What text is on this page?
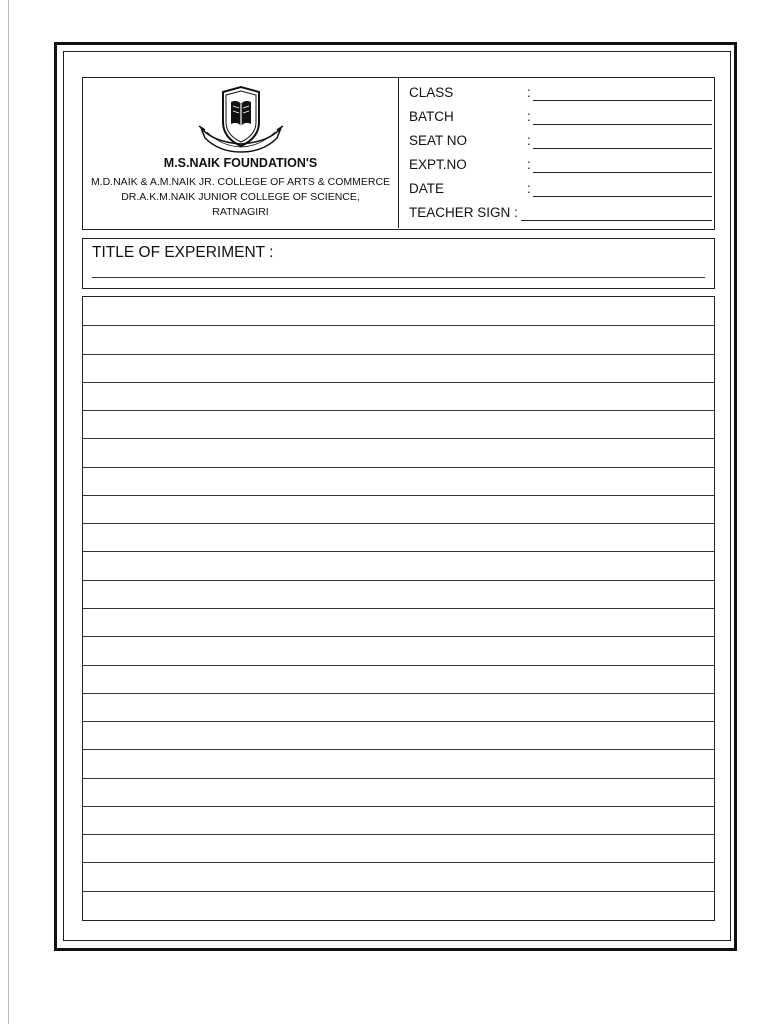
M.S.NAIK FOUNDATION'S
M.D.NAIK & A.M.NAIK JR. COLLEGE OF ARTS & COMMERCE
DR.A.K.M.NAIK JUNIOR COLLEGE OF SCIENCE,
RATNAGIRI
CLASS	:
BATCH	:
SEAT NO	:
EXPT.NO	:
DATE	:
TEACHER SIGN :
TITLE OF EXPERIMENT :
